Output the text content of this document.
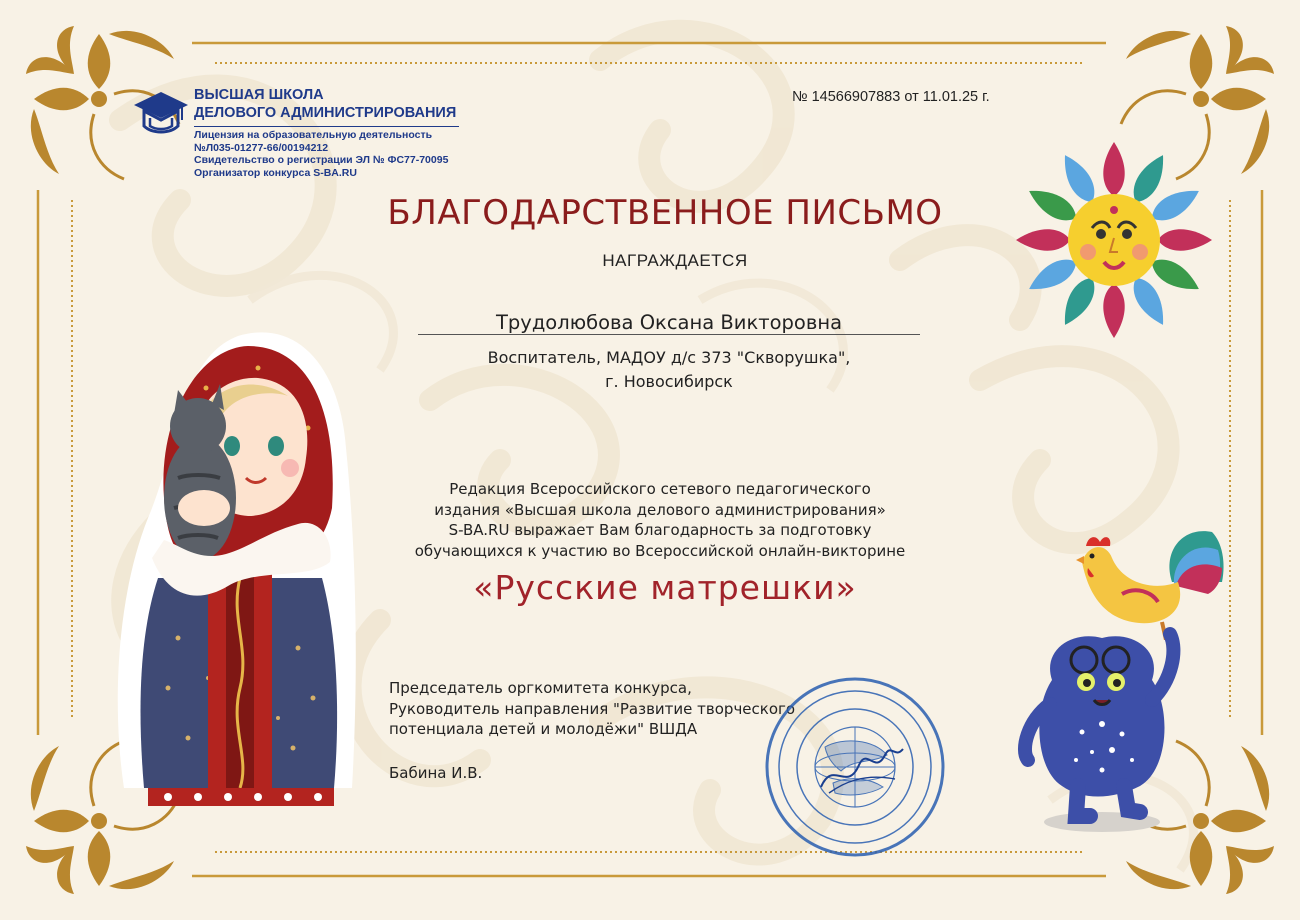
ВЫСШАЯ ШКОЛА
ДЕЛОВОГО АДМИНИСТРИРОВАНИЯ
Лицензия на образовательную деятельность
№Л035-01277-66/00194212
Свидетельство о регистрации ЭЛ № ФС77-70095
Организатор конкурса S-BA.RU
№ 14566907883 от 11.01.25 г.
БЛАГОДАРСТВЕННОЕ ПИСЬМО
НАГРАЖДАЕТСЯ
Трудолюбова Оксана Викторовна
Воспитатель, МАДОУ д/с 373 "Скворушка",
г. Новосибирск
Редакция Всероссийского сетевого педагогического
издания «Высшая школа делового администрирования»
S-BA.RU выражает Вам благодарность за подготовку
обучающихся к участию во Всероссийской онлайн-викторине
«Русские матрешки»
Председатель оргкомитета конкурса,
Руководитель направления "Развитие творческого
потенциала детей и молодёжи" ВШДА
Бабина И.В.
